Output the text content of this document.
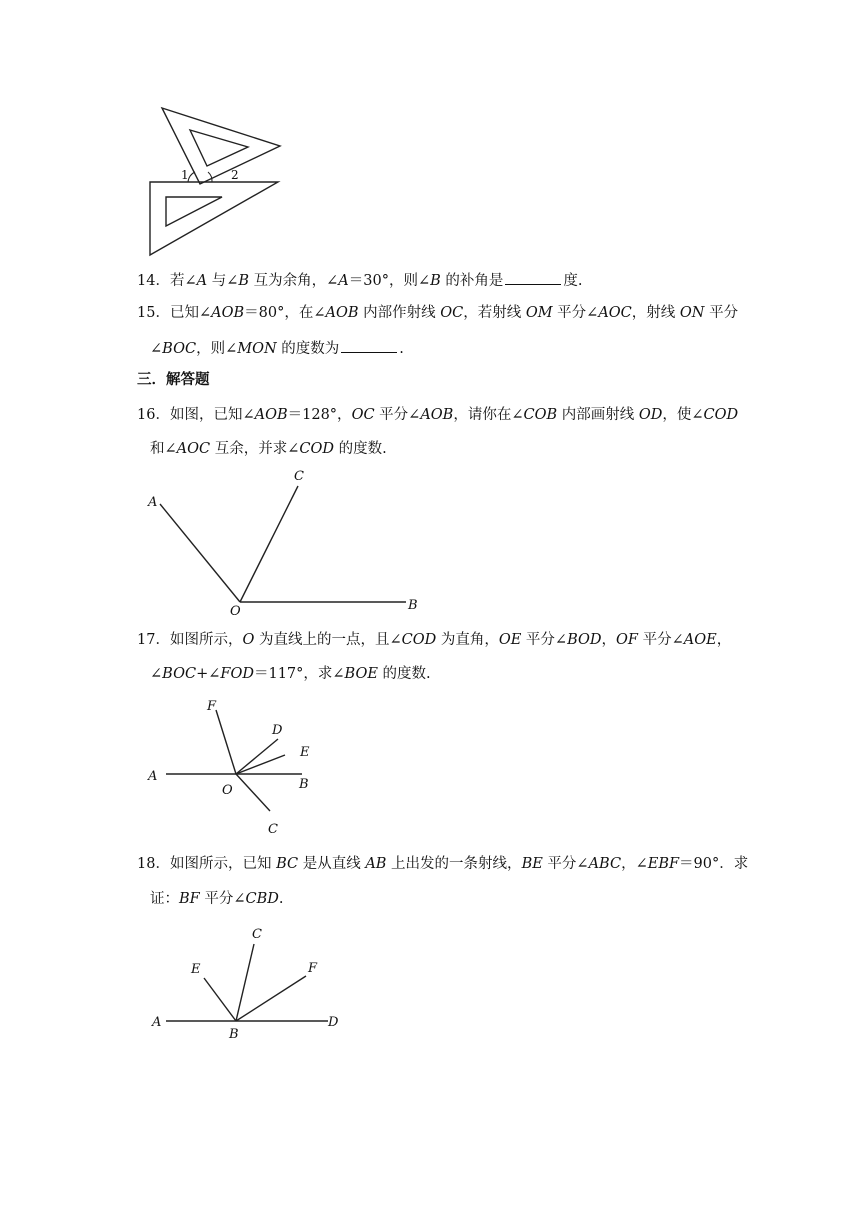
1	2
14．若∠A 与∠B 互为余角，∠A＝30°，则∠B 的补角是	度.
15．已知∠AOB＝80°，在∠AOB 内部作射线 OC，若射线 OM 平分∠AOC，射线 ON 平分
∠BOC，则∠MON 的度数为	.
三．解答题
16．如图，已知∠AOB＝128°，OC 平分∠AOB，请你在∠COB 内部画射线 OD，使∠COD
和∠AOC 互余，并求∠COD 的度数.
A
C
O	B
17．如图所示，O 为直线上的一点，且∠COD 为直角，OE 平分∠BOD，OF 平分∠AOE，
∠BOC+∠FOD＝117°，求∠BOE 的度数.
F
D
E
A
O	B
C
18．如图所示，已知 BC 是从直线 AB 上出发的一条射线，BE 平分∠ABC，∠EBF＝90°．求
证：BF 平分∠CBD.
C
E	F
A
B
D
